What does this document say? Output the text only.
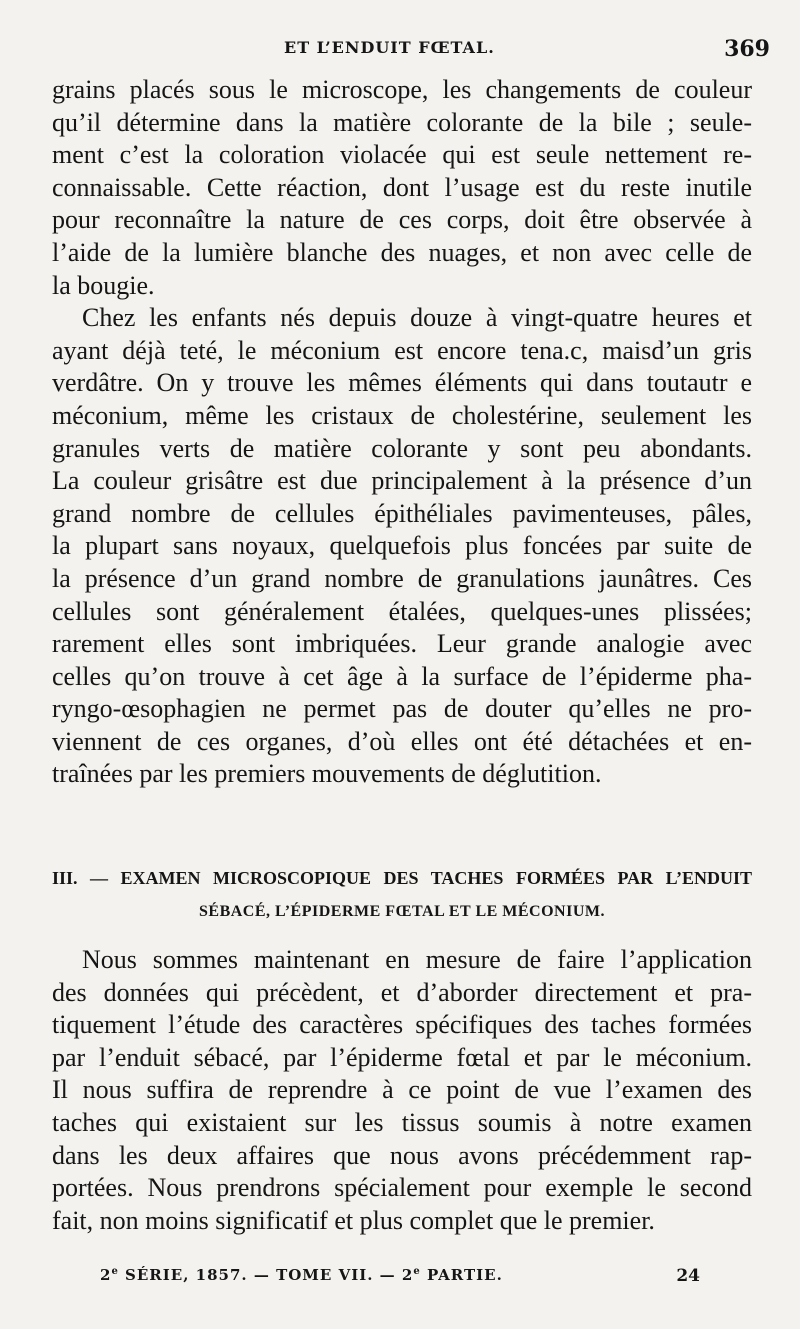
ET L’ENDUIT FŒTAL.	369
grains placés sous le microscope, les changements de couleur
qu’il détermine dans la matière colorante de la bile ; seule-
ment c’est la coloration violacée qui est seule nettement re-
connaissable. Cette réaction, dont l’usage est du reste inutile
pour reconnaître la nature de ces corps, doit être observée à
l’aide de la lumière blanche des nuages, et non avec celle de
la bougie.
Chez les enfants nés depuis douze à vingt-quatre heures et
ayant déjà teté, le méconium est encore tena͏.c, maisd’un gris
verdâtre. On y trouve les mêmes éléments qui dans toutautr e
méconium, même les cristaux de cholestérine, seulement les
granules verts de matière colorante y sont peu abondants.
La couleur grisâtre est due principalement à la présence d’un
grand nombre de cellules épithéliales pavimenteuses, pâles,
la plupart sans noyaux, quelquefois plus foncées par suite de
la présence d’un grand nombre de granulations jaunâtres. Ces
cellules sont généralement étalées, quelques-unes plissées;
rarement elles sont imbriquées. Leur grande analogie avec
celles qu’on trouve à cet âge à la surface de l’épiderme pha-
ryngo-œsophagien ne permet pas de douter qu’elles ne pro-
viennent de ces organes, d’où elles ont été détachées et en-
traînées par les premiers mouvements de déglutition.
III. — EXAMEN MICROSCOPIQUE DES TACHES FORMÉES PAR L’ENDUIT
SÉBACÉ, L’ÉPIDERME FŒTAL ET LE MÉCONIUM.
Nous sommes maintenant en mesure de faire l’application
des données qui précèdent, et d’aborder directement et pra-
tiquement l’étude des caractères spécifiques des taches formées
par l’enduit sébacé, par l’épiderme fœtal et par le méconium.
Il nous suffira de reprendre à ce point de vue l’examen des
taches qui existaient sur les tissus soumis à notre examen
dans les deux affaires que nous avons précédemment rap-
portées. Nous prendrons spécialement pour exemple le second
fait, non moins significatif et plus complet que le premier.
2e SÉRIE, 1857. — TOME VII. — 2e PARTIE.	24
